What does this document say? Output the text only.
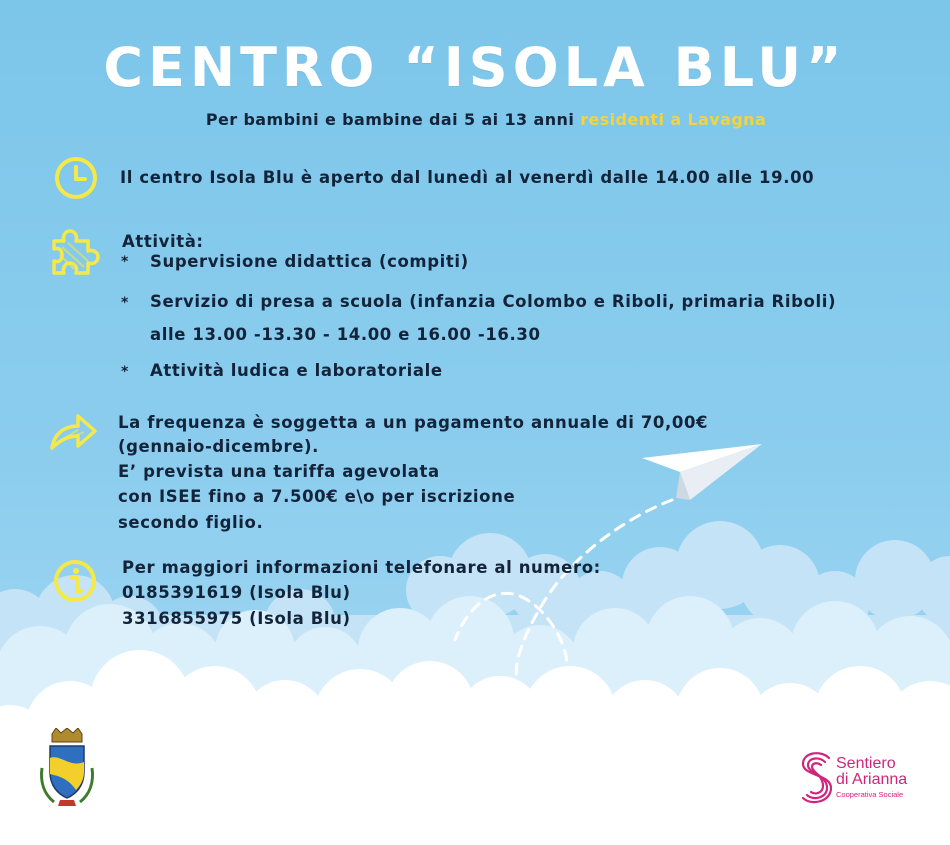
CENTRO “ISOLA BLU”
Per bambini e bambine dai 5 ai 13 anni residenti a Lavagna
Il centro Isola Blu è aperto dal lunedì al venerdì dalle 14.00 alle 19.00
Attività:
* Supervisione didattica (compiti)
* Servizio di presa a scuola (infanzia Colombo e Riboli, primaria Riboli)
alle 13.00 -13.30 - 14.00 e 16.00 -16.30
* Attività ludica e laboratoriale
La frequenza è soggetta a un pagamento annuale di 70,00€
(gennaio-dicembre).
E’ prevista una tariffa agevolata
con ISEE fino a 7.500€ e\o per iscrizione
secondo figlio.
Per maggiori informazioni telefonare al numero:
0185391619 (Isola Blu)
3316855975 (Isola Blu)
Sentiero
di Arianna
Cooperativa Sociale
